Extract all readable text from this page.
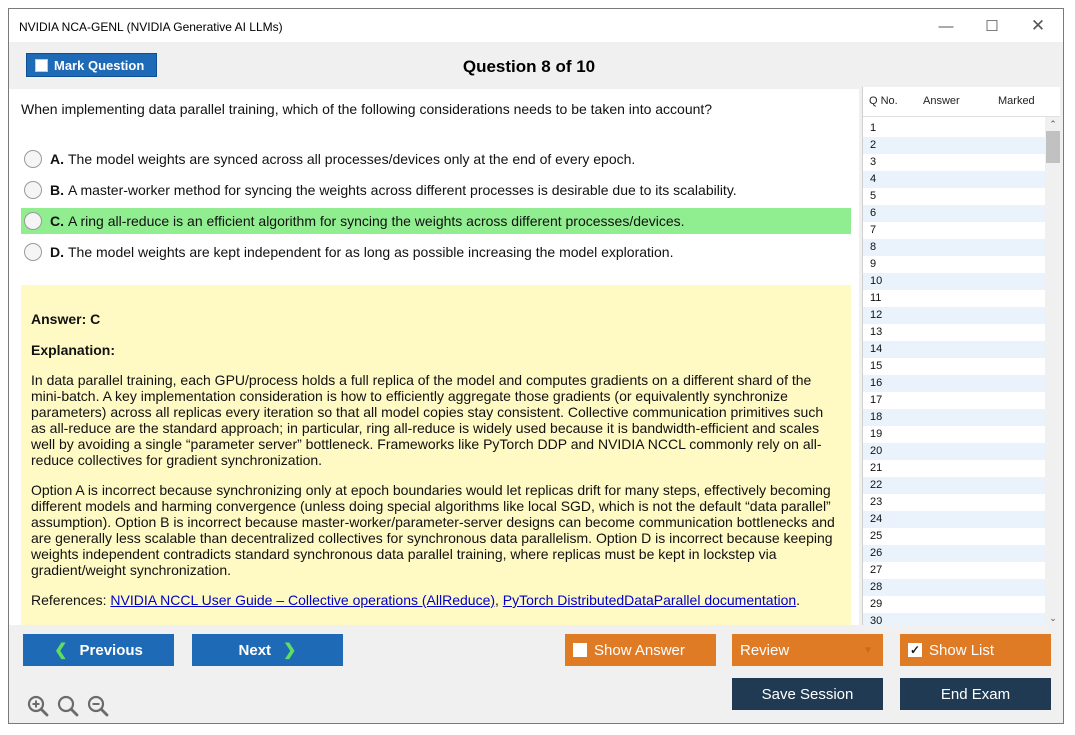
NVIDIA NCA-GENL (NVIDIA Generative AI LLMs)	—	☐	✕
Mark Question	Question 8 of 10
When implementing data parallel training, which of the following considerations needs to be taken into account?
A. The model weights are synced across all processes/devices only at the end of every epoch.
B. A master-worker method for syncing the weights across different processes is desirable due to its scalability.
C. A ring all-reduce is an efficient algorithm for syncing the weights across different processes/devices.
D. The model weights are kept independent for as long as possible increasing the model exploration.
Answer: C
Explanation:

In data parallel training, each GPU/process holds a full replica of the model and computes gradients on a different shard of the mini-batch. A key implementation consideration is how to efficiently aggregate those gradients (or equivalently synchronize parameters) across all replicas every iteration so that all model copies stay consistent. Collective communication primitives such as all-reduce are the standard approach; in particular, ring all-reduce is widely used because it is bandwidth-efficient and scales well by avoiding a single “parameter server” bottleneck. Frameworks like PyTorch DDP and NVIDIA NCCL commonly rely on all-reduce collectives for gradient synchronization.

Option A is incorrect because synchronizing only at epoch boundaries would let replicas drift for many steps, effectively becoming different models and harming convergence (unless doing special algorithms like local SGD, which is not the default “data parallel” assumption). Option B is incorrect because master-worker/parameter-server designs can become communication bottlenecks and are generally less scalable than decentralized collectives for synchronous data parallelism. Option D is incorrect because keeping weights independent contradicts standard synchronous data parallel training, where replicas must be kept in lockstep via gradient/weight synchronization.

References: NVIDIA NCCL User Guide – Collective operations (AllReduce), PyTorch DistributedDataParallel documentation.
Q No. Answer	Marked
1
2
3
4
5
6
7
8
9
10
11
12
13
14
15
16
17
18
19
20
21
22
23
24
25
26
27
28
29
30
⌃
⌄
❮ Previous	Next ❯	Show Answer	Review	▼	✓ Show List
Save Session	End Exam
